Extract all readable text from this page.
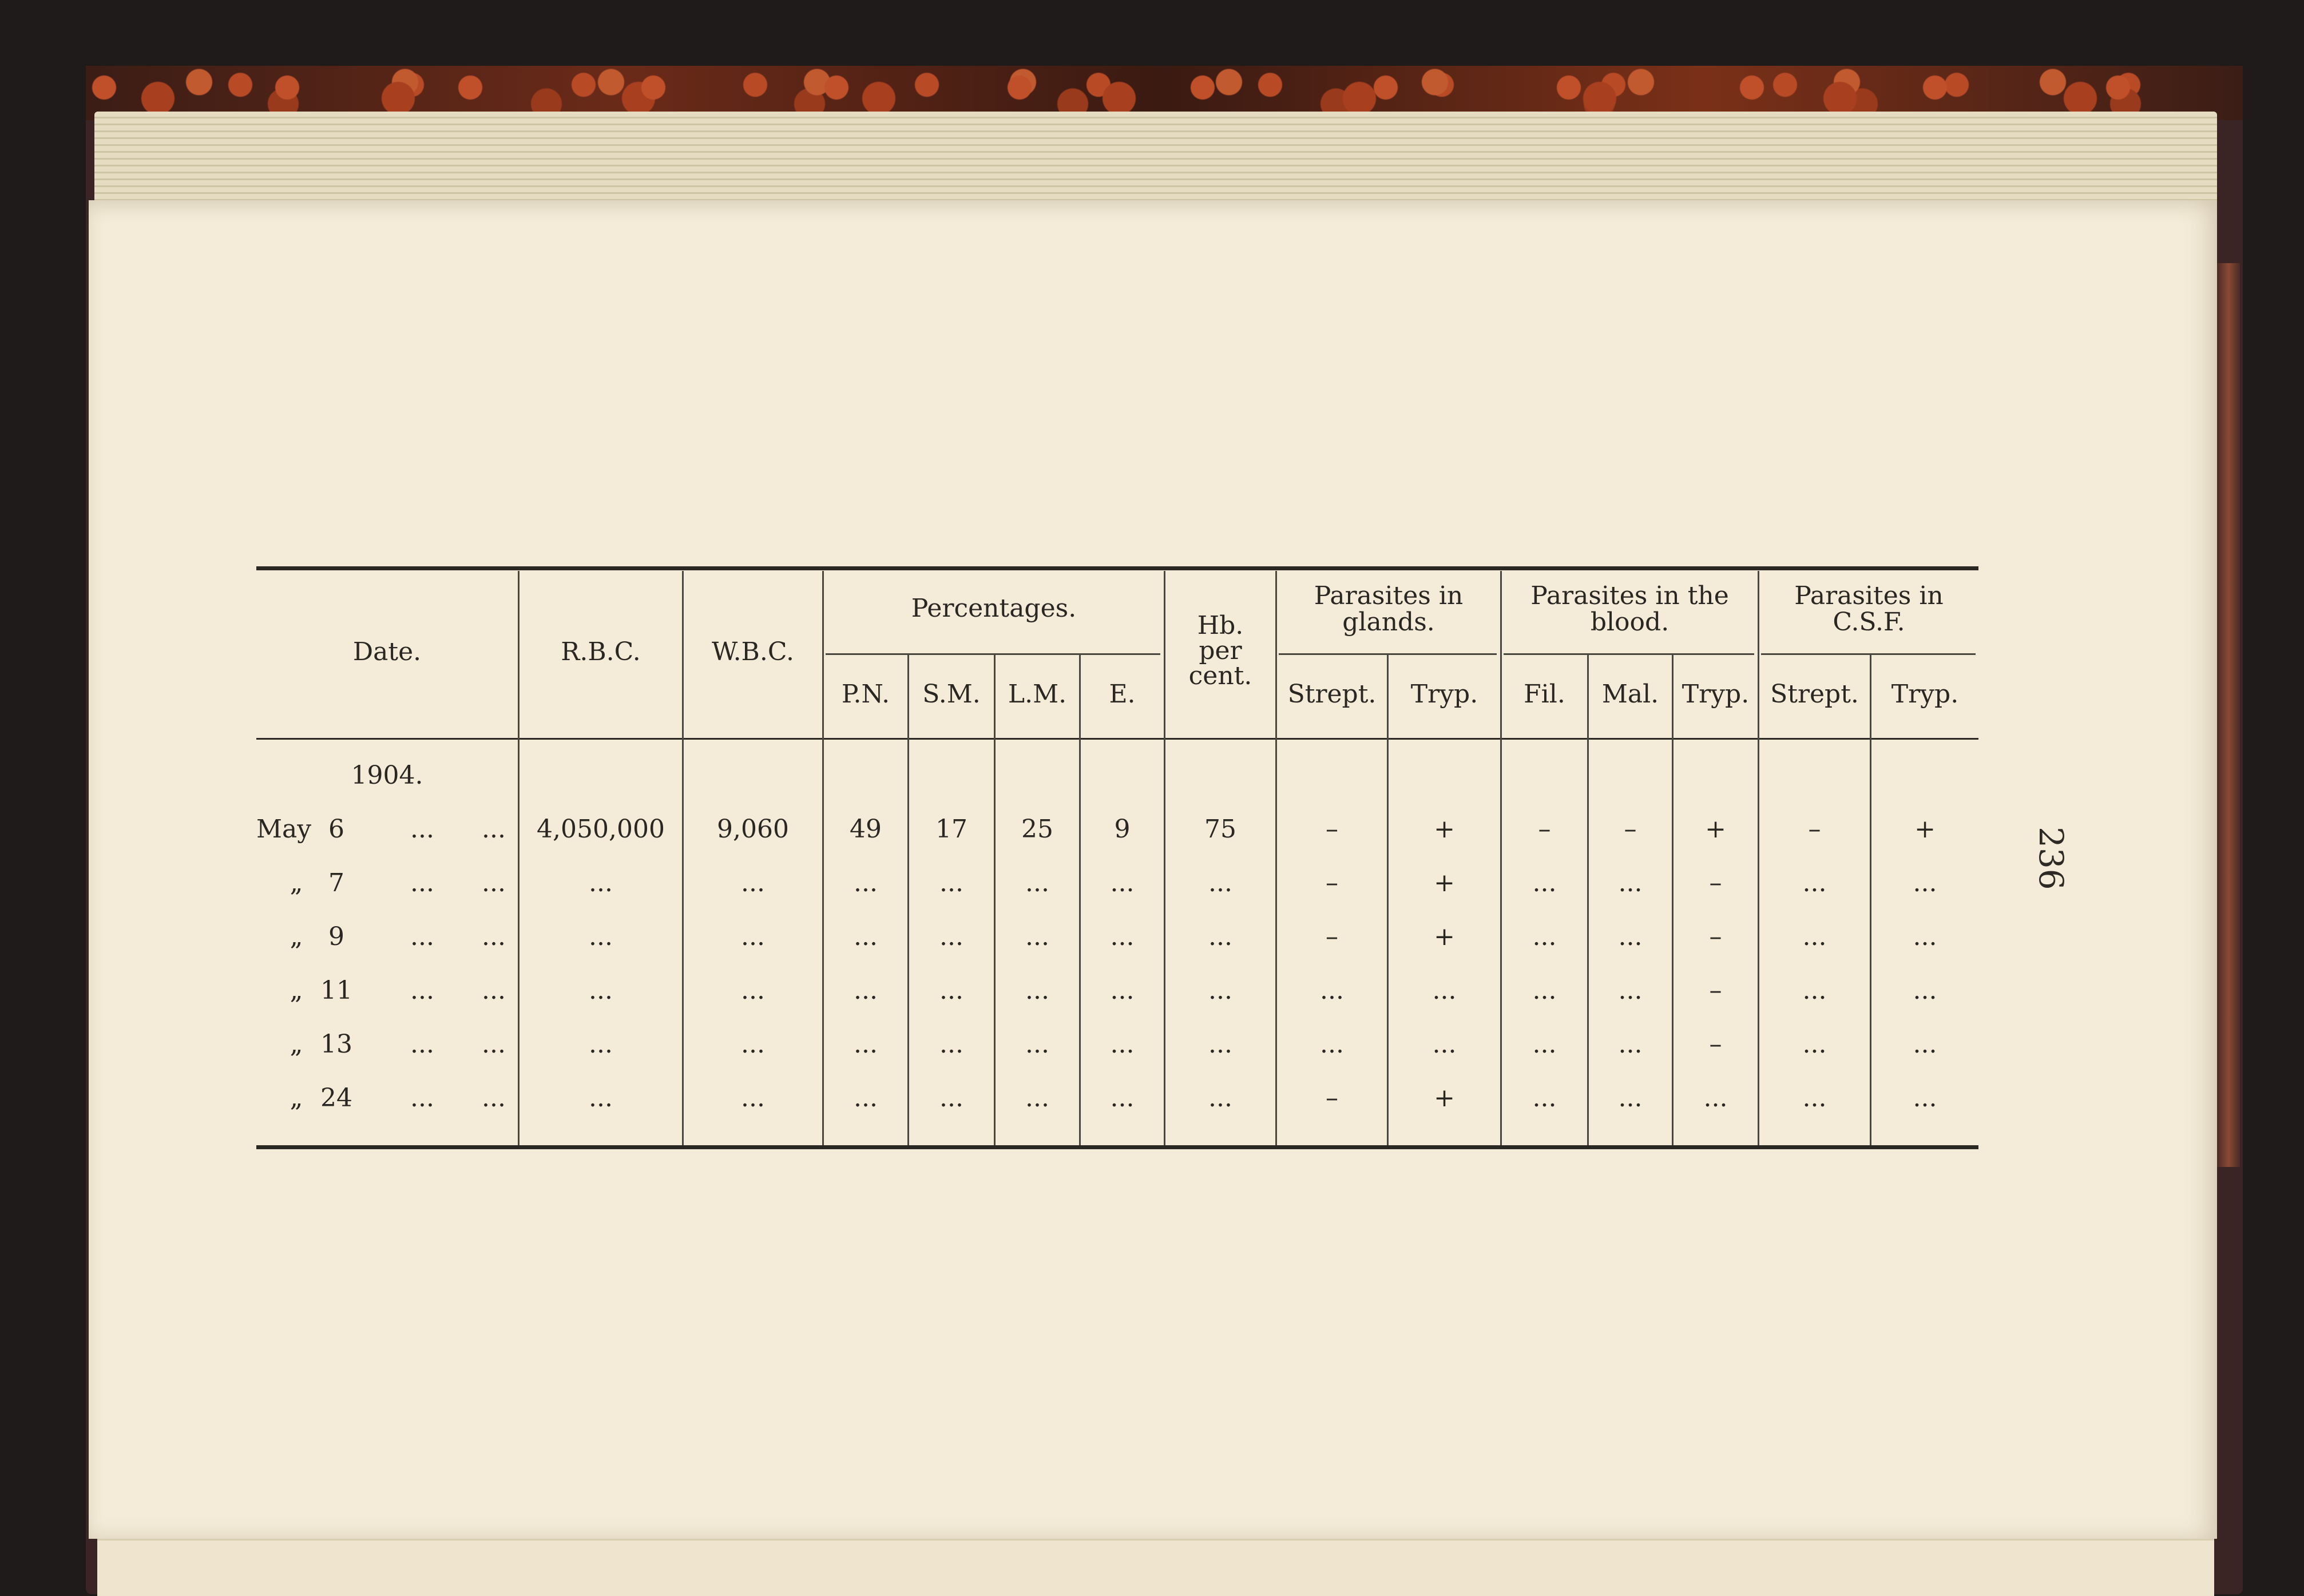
236
Date.	R.B.C.	W.B.C.
Percentages.
P.N.	S.M.	L.M.	E.
Hb.
per
cent.
Parasites in
glands.
Strept.	Tryp.
Parasites in the
blood.
Fil.	Mal. Tryp.
Parasites in
C.S.F.
Strept.	Tryp.
1904.
May 6	...	...	4,050,000	9,060	49	17	25	9	75	–	+	–	–	+	–	+
„	7	...	...	...	...	...	...	...	...	...	–	+	...	...	–	...	...
„	9	...	...	...	...	...	...	...	...	...	–	+	...	...	–	...	...
„ 11	...	...	...	...	...	...	...	...	...	...	...	...	...	–	...	...
„ 13	...	...	...	...	...	...	...	...	...	...	...	...	...	–	...	...
„ 24	...	...	...	...	...	...	...	...	...	–	+	...	...	...	...	...
